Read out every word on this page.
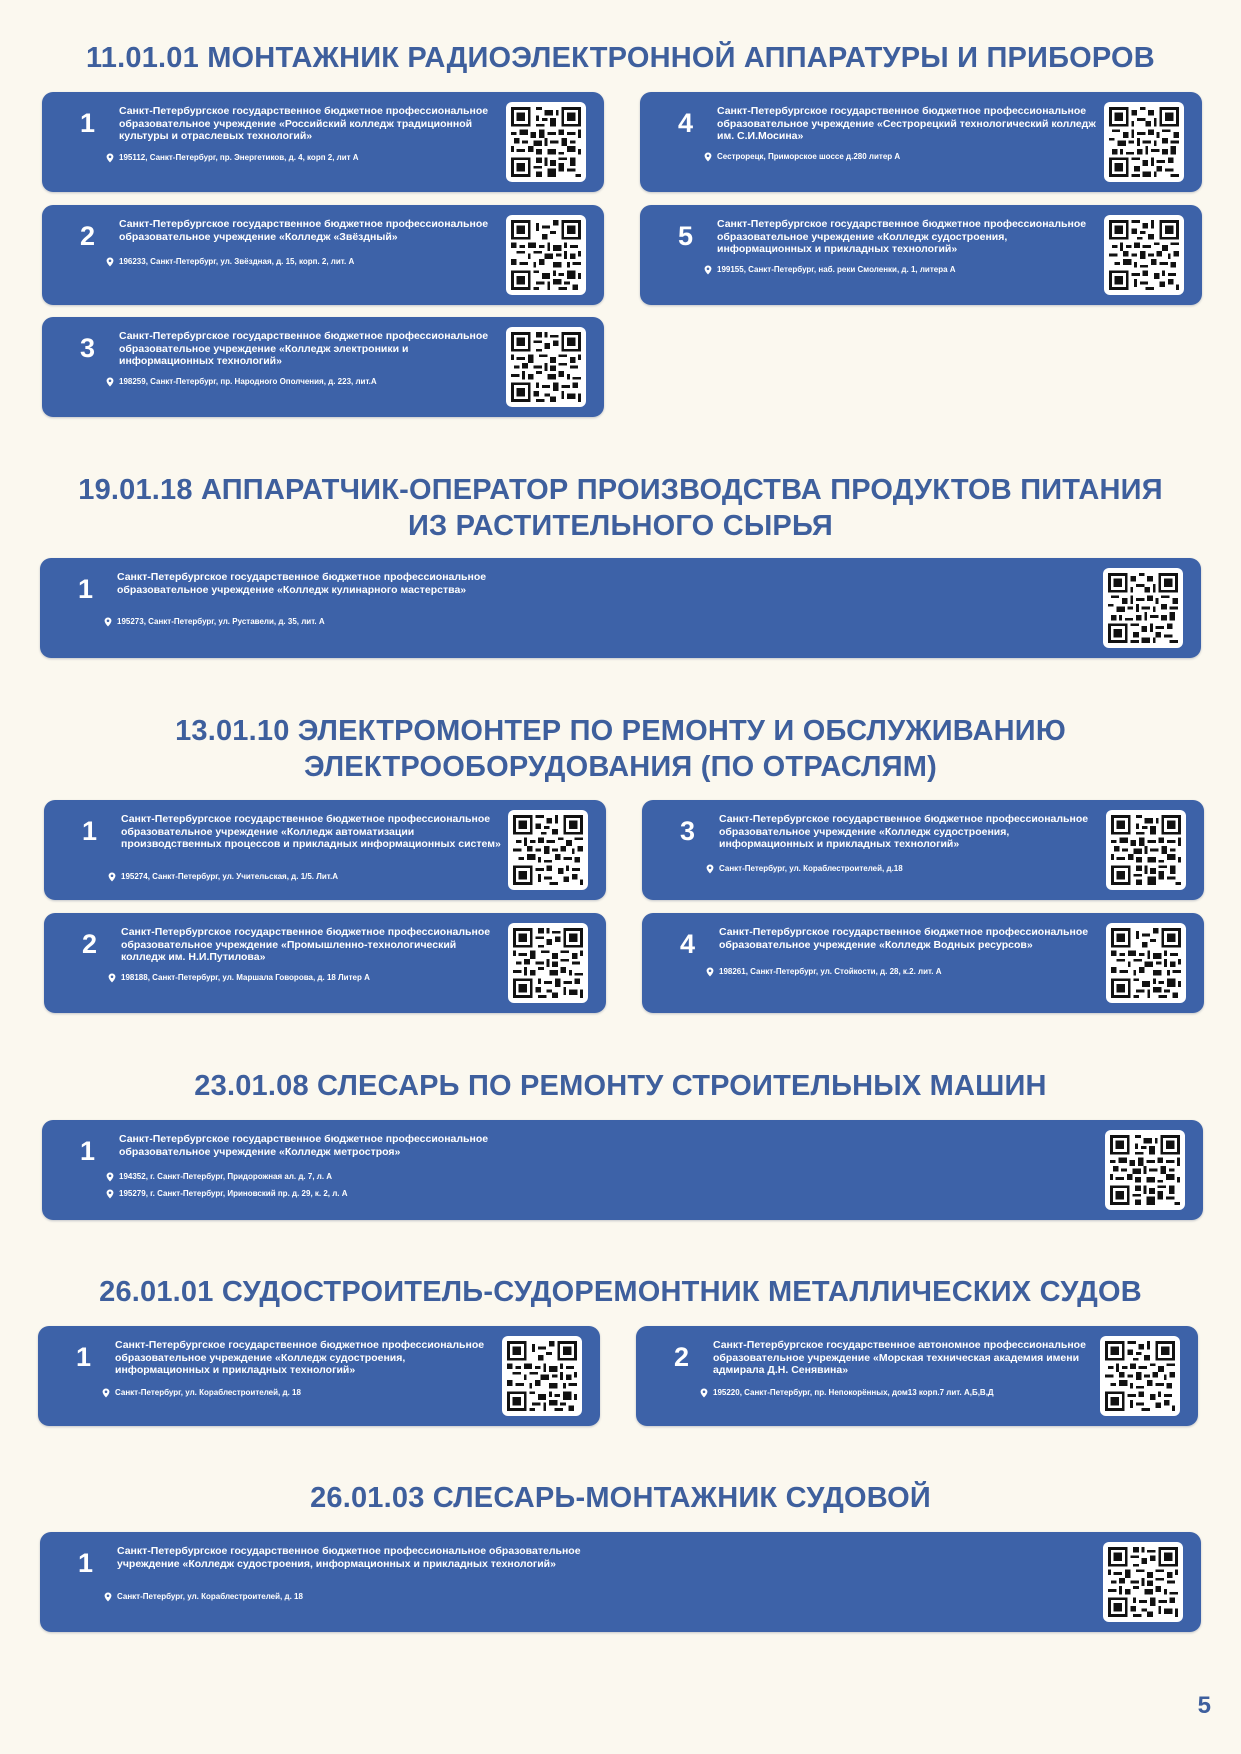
11.01.01 МОНТАЖНИК РАДИОЭЛЕКТРОННОЙ АППАРАТУРЫ И ПРИБОРОВ
1 Санкт-Петербургское государственное бюджетное профессиональное образовательное учреждение «Российский колледж традиционной культуры и отраслевых технологий»
195112, Санкт-Петербург, пр. Энергетиков, д. 4, корп 2, лит А
4 Санкт-Петербургское государственное бюджетное профессиональное образовательное учреждение «Сестрорецкий технологический колледж им. С.И.Мосина»
Сестрорецк, Приморское шоссе д.280 литер А
2 Санкт-Петербургское государственное бюджетное профессиональное образовательное учреждение «Колледж «Звёздный»
196233, Санкт-Петербург, ул. Звёздная, д. 15, корп. 2, лит. А
5 Санкт-Петербургское государственное бюджетное профессиональное образовательное учреждение «Колледж судостроения, информационных и прикладных технологий»
199155, Санкт-Петербург, наб. реки Смоленки, д. 1, литера А
3 Санкт-Петербургское государственное бюджетное профессиональное образовательное учреждение «Колледж электроники и информационных технологий»
198259, Санкт-Петербург, пр. Народного Ополчения, д. 223, лит.А
19.01.18 АППАРАТЧИК-ОПЕРАТОР ПРОИЗВОДСТВА ПРОДУКТОВ ПИТАНИЯ
ИЗ РАСТИТЕЛЬНОГО СЫРЬЯ
1 Санкт-Петербургское государственное бюджетное профессиональное образовательное учреждение «Колледж кулинарного мастерства»
195273, Санкт-Петербург, ул. Руставели, д. 35, лит. А
13.01.10 ЭЛЕКТРОМОНТЕР ПО РЕМОНТУ И ОБСЛУЖИВАНИЮ
ЭЛЕКТРООБОРУДОВАНИЯ (ПО ОТРАСЛЯМ)
1 Санкт-Петербургское государственное бюджетное профессиональное образовательное учреждение «Колледж автоматизации производственных процессов и прикладных информационных систем»
195274, Санкт-Петербург, ул. Учительская, д. 1/5. Лит.А
3 Санкт-Петербургское государственное бюджетное профессиональное образовательное учреждение «Колледж судостроения, информационных и прикладных технологий»
Санкт-Петербург, ул. Кораблестроителей, д.18
2 Санкт-Петербургское государственное бюджетное профессиональное образовательное учреждение «Промышленно-технологический колледж им. Н.И.Путилова»
198188, Санкт-Петербург, ул. Маршала Говорова, д. 18 Литер А
4 Санкт-Петербургское государственное бюджетное профессиональное образовательное учреждение «Колледж Водных ресурсов»
198261, Санкт-Петербург, ул. Стойкости, д. 28, к.2. лит. А
23.01.08 СЛЕСАРЬ ПО РЕМОНТУ СТРОИТЕЛЬНЫХ МАШИН
1 Санкт-Петербургское государственное бюджетное профессиональное образовательное учреждение «Колледж метростроя»
194352, г. Санкт-Петербург, Придорожная ал. д. 7, л. А
195279, г. Санкт-Петербург, Ириновский пр. д. 29, к. 2, л. А
26.01.01 СУДОСТРОИТЕЛЬ-СУДОРЕМОНТНИК МЕТАЛЛИЧЕСКИХ СУДОВ
1 Санкт-Петербургское государственное бюджетное профессиональное образовательное учреждение «Колледж судостроения, информационных и прикладных технологий»
Санкт-Петербург, ул. Кораблестроителей, д. 18
2 Санкт-Петербургское государственное автономное профессиональное образовательное учреждение «Морская техническая академия имени адмирала Д.Н. Сенявина»
195220, Санкт-Петербург, пр. Непокорённых, дом13 корп.7 лит. А,Б,В,Д
26.01.03 СЛЕСАРЬ-МОНТАЖНИК СУДОВОЙ
1 Санкт-Петербургское государственное бюджетное профессиональное образовательное учреждение «Колледж судостроения, информационных и прикладных технологий»
Санкт-Петербург, ул. Кораблестроителей, д. 18
5
